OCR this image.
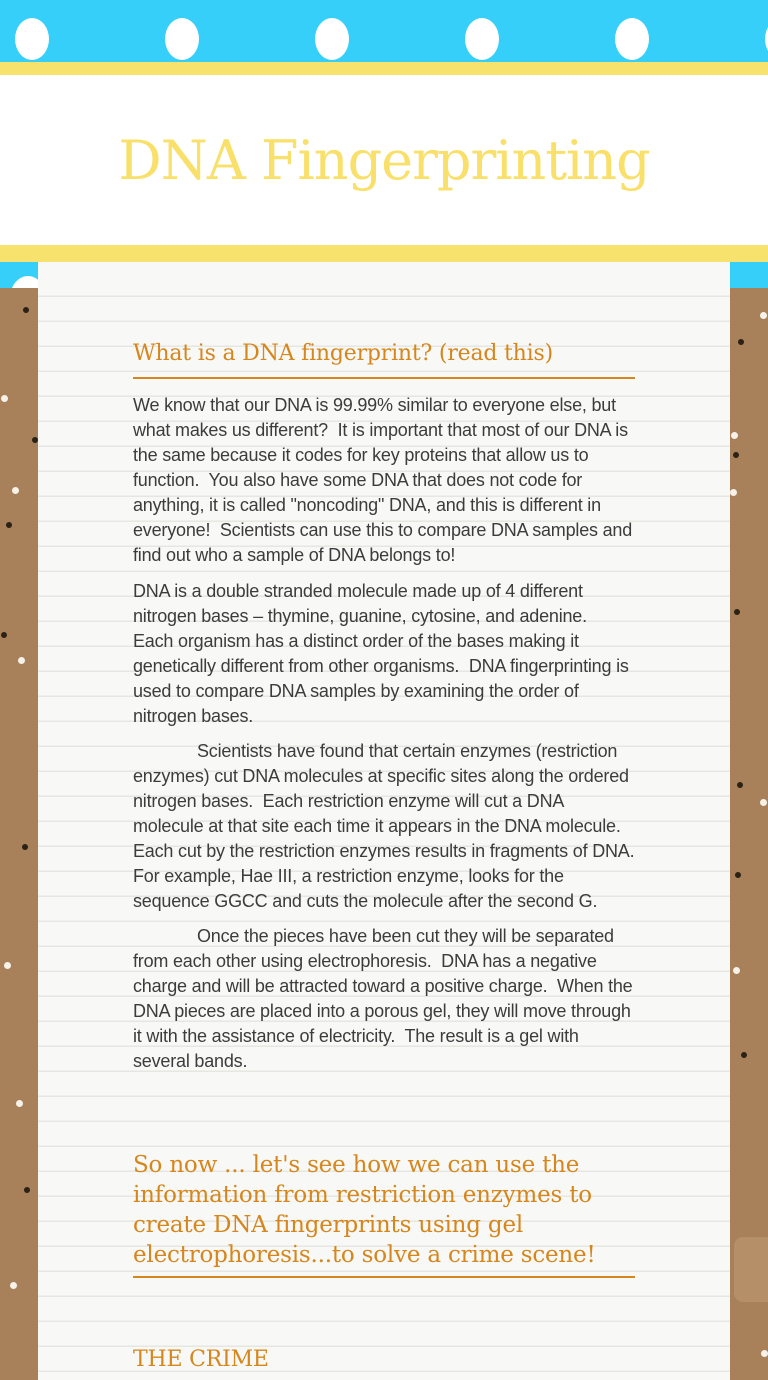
DNA Fingerprinting
What is a DNA fingerprint? (read this)

We know that our DNA is 99.99% similar to everyone else, but what makes us different?  It is important that most of our DNA is the same because it codes for key proteins that allow us to function.  You also have some DNA that does not code for anything, it is called "noncoding" DNA, and this is different in everyone!  Scientists can use this to compare DNA samples and find out who a sample of DNA belongs to!

DNA is a double stranded molecule made up of 4 different nitrogen bases – thymine, guanine, cytosine, and adenine.  Each organism has a distinct order of the bases making it genetically different from other organisms.  DNA fingerprinting is used to compare DNA samples by examining the order of nitrogen bases.

Scientists have found that certain enzymes (restriction enzymes) cut DNA molecules at specific sites along the ordered nitrogen bases.  Each restriction enzyme will cut a DNA molecule at that site each time it appears in the DNA molecule.  Each cut by the restriction enzymes results in fragments of DNA.  For example, Hae III, a restriction enzyme, looks for the sequence GGCC and cuts the molecule after the second G.

Once the pieces have been cut they will be separated from each other using electrophoresis.  DNA has a negative charge and will be attracted toward a positive charge.  When the DNA pieces are placed into a porous gel, they will move through it with the assistance of electricity.  The result is a gel with several bands.

So now ... let's see how we can use the information from restriction enzymes to create DNA fingerprints using gel electrophoresis...to solve a crime scene!
THE CRIME
